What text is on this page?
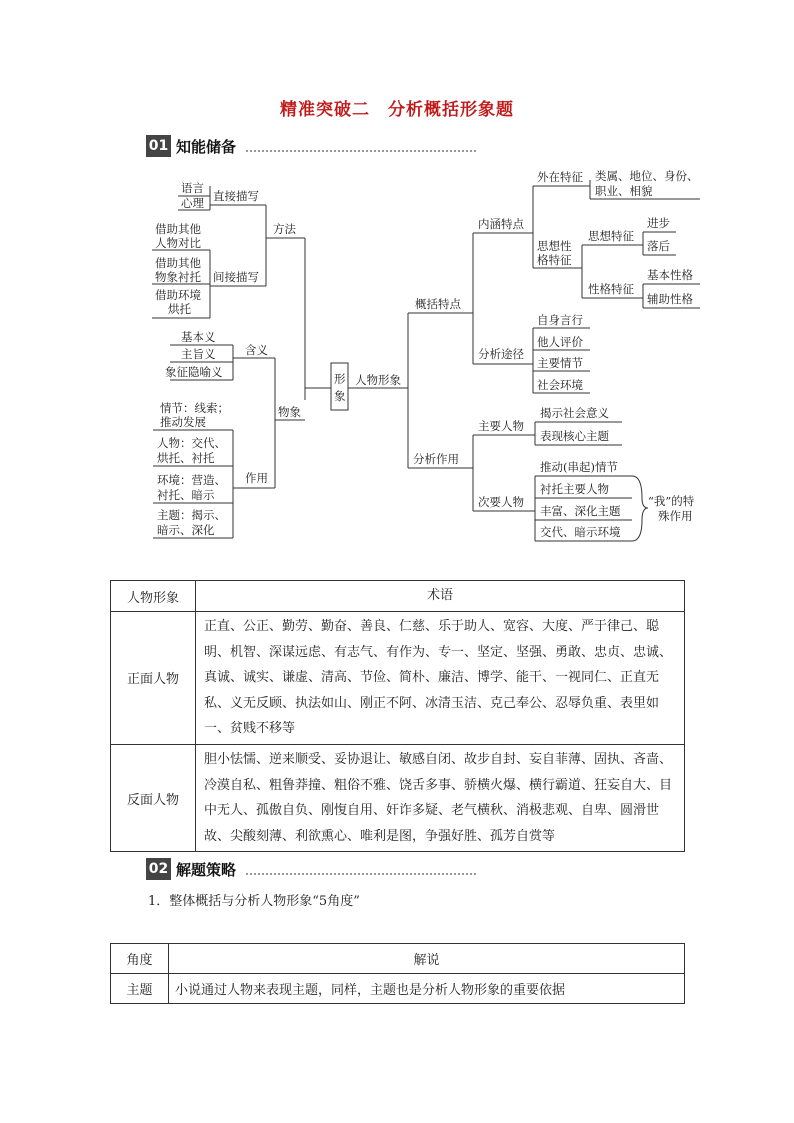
精准突破二　分析概括形象题
01 知能储备
形
象
人物形象
概括特点
内涵特点
外在特征 类属、地位、身份、
职业、相貌
思想性
格特征
思想特征
进步
落后
性格特征
基本性格
辅助性格
分析途径
自身言行
他人评价
主要情节
社会环境
分析作用
主要人物
揭示社会意义
表现核心主题
次要人物
推动(串起)情节
衬托主要人物
丰富、深化主题
交代、暗示环境
“我”的特
殊作用
方法
直接描写
语言
心理
间接描写
借助其他
人物对比
借助其他
物象衬托
借助环境
烘托
物象
含义
基本义
主旨义
象征隐喻义
作用
情节：线索；
推动发展
人物：交代、
烘托、衬托
环境：营造、
衬托、暗示
主题：揭示、
暗示、深化
人物形象	术语
正面人物	正直、公正、勤劳、勤奋、善良、仁慈、乐于助人、宽容、大度、严于律己、聪明、机智、深谋远虑、有志气、有作为、专一、坚定、坚强、勇敢、忠贞、忠诚、真诚、诚实、谦虚、清高、节俭、简朴、廉洁、博学、能干、一视同仁、正直无私、义无反顾、执法如山、刚正不阿、冰清玉洁、克己奉公、忍辱负重、表里如一、贫贱不移等
反面人物	胆小怯懦、逆来顺受、妥协退让、敏感自闭、故步自封、妄自菲薄、固执、吝啬、冷漠自私、粗鲁莽撞、粗俗不雅、饶舌多事、骄横火爆、横行霸道、狂妄自大、目中无人、孤傲自负、刚愎自用、奸诈多疑、老气横秋、消极悲观、自卑、圆滑世故、尖酸刻薄、利欲熏心、唯利是图，争强好胜、孤芳自赏等
02 解题策略
1．整体概括与分析人物形象“5角度”
角度	解说
主题	小说通过人物来表现主题，同样，主题也是分析人物形象的重要依据
